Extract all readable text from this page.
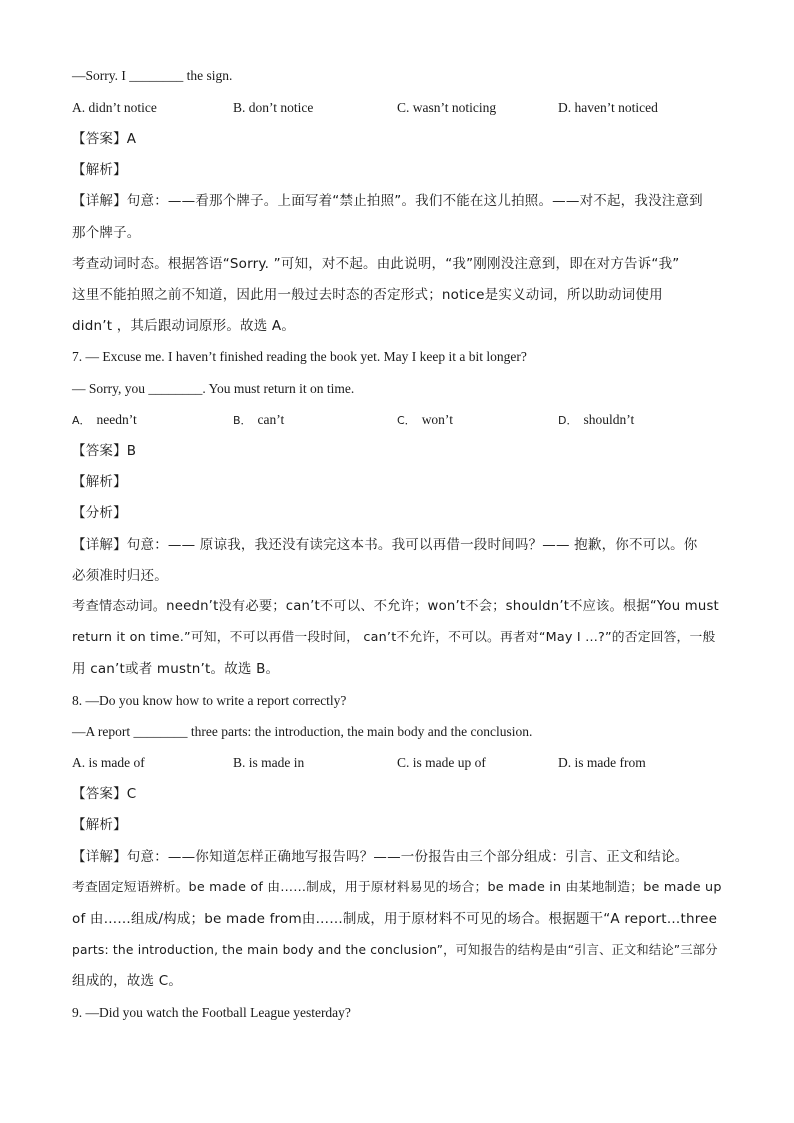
—Sorry. I ________ the sign.
A. didn’t notice	B. don’t notice	C. wasn’t noticing	D. haven’t noticed
【答案】A
【解析】
【详解】句意：——看那个牌子。上面写着“禁止拍照”。我们不能在这儿拍照。——对不起，我没注意到
那个牌子。
考查动词时态。根据答语“Sorry. ”可知，对不起。由此说明，“我”刚刚没注意到，即在对方告诉“我”
这里不能拍照之前不知道，因此用一般过去时态的否定形式；notice是实义动词，所以助动词使用
didn’t ，其后跟动词原形。故选 A。
7. — Excuse me. I haven’t finished reading the book yet. May I keep it a bit longer?
— Sorry, you ________. You must return it on time.
A． needn’t	B． can’t	C． won’t	D． shouldn’t
【答案】B
【解析】
【分析】
【详解】句意：—— 原谅我，我还没有读完这本书。我可以再借一段时间吗？—— 抱歉，你不可以。你
必须准时归还。
考查情态动词。needn’t没有必要；can’t不可以、不允许；won’t不会；shouldn’t不应该。根据“You must
return it on time.”可知，不可以再借一段时间， can’t不允许，不可以。再者对“May I …?”的否定回答，一般
用 can’t或者 mustn’t。故选 B。
8. —Do you know how to write a report correctly?
—A report ________ three parts: the introduction, the main body and the conclusion.
A. is made of	B. is made in	C. is made up of	D. is made from
【答案】C
【解析】
【详解】句意：——你知道怎样正确地写报告吗？——一份报告由三个部分组成：引言、正文和结论。
考查固定短语辨析。be made of 由……制成，用于原材料易见的场合；be made in 由某地制造；be made up
of 由……组成/构成；be made from由……制成，用于原材料不可见的场合。根据题干“A report…three
parts: the introduction, the main body and the conclusion”，可知报告的结构是由“引言、正文和结论”三部分
组成的，故选 C。
9. —Did you watch the Football League yesterday?
